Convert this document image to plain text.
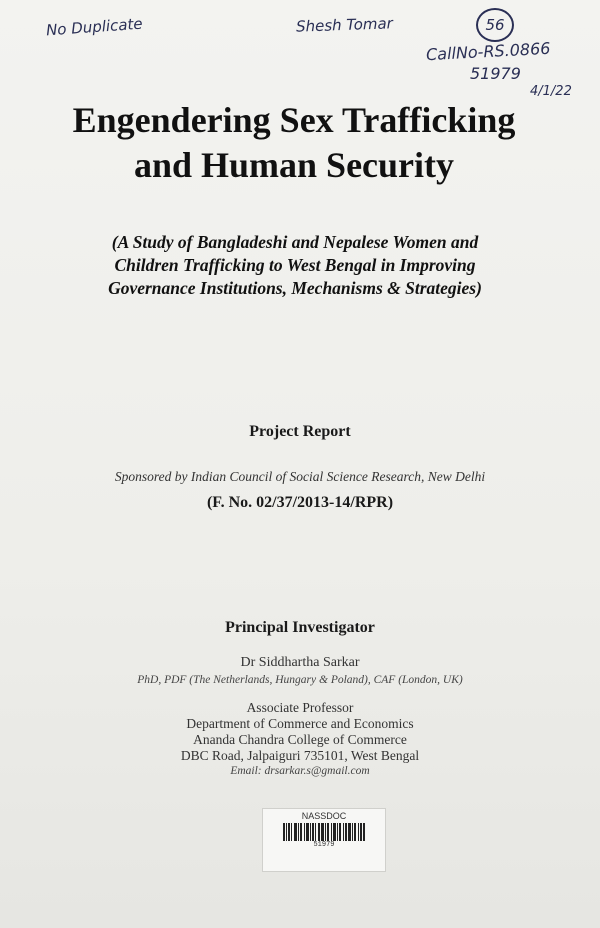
No Duplicate	Shesh Tomar	56
CallNo-RS.0866
51979
4/1/22
Engendering Sex Trafficking
and Human Security
(A Study of Bangladeshi and Nepalese Women and
Children Trafficking to West Bengal in Improving
Governance Institutions, Mechanisms & Strategies)
Project Report
Sponsored by Indian Council of Social Science Research, New Delhi
(F. No. 02/37/2013-14/RPR)
Principal Investigator
Dr Siddhartha Sarkar
PhD, PDF (The Netherlands, Hungary & Poland), CAF (London, UK)
Associate Professor
Department of Commerce and Economics
Ananda Chandra College of Commerce
DBC Road, Jalpaiguri 735101, West Bengal
Email: drsarkar.s@gmail.com
NASSDOC
51979
